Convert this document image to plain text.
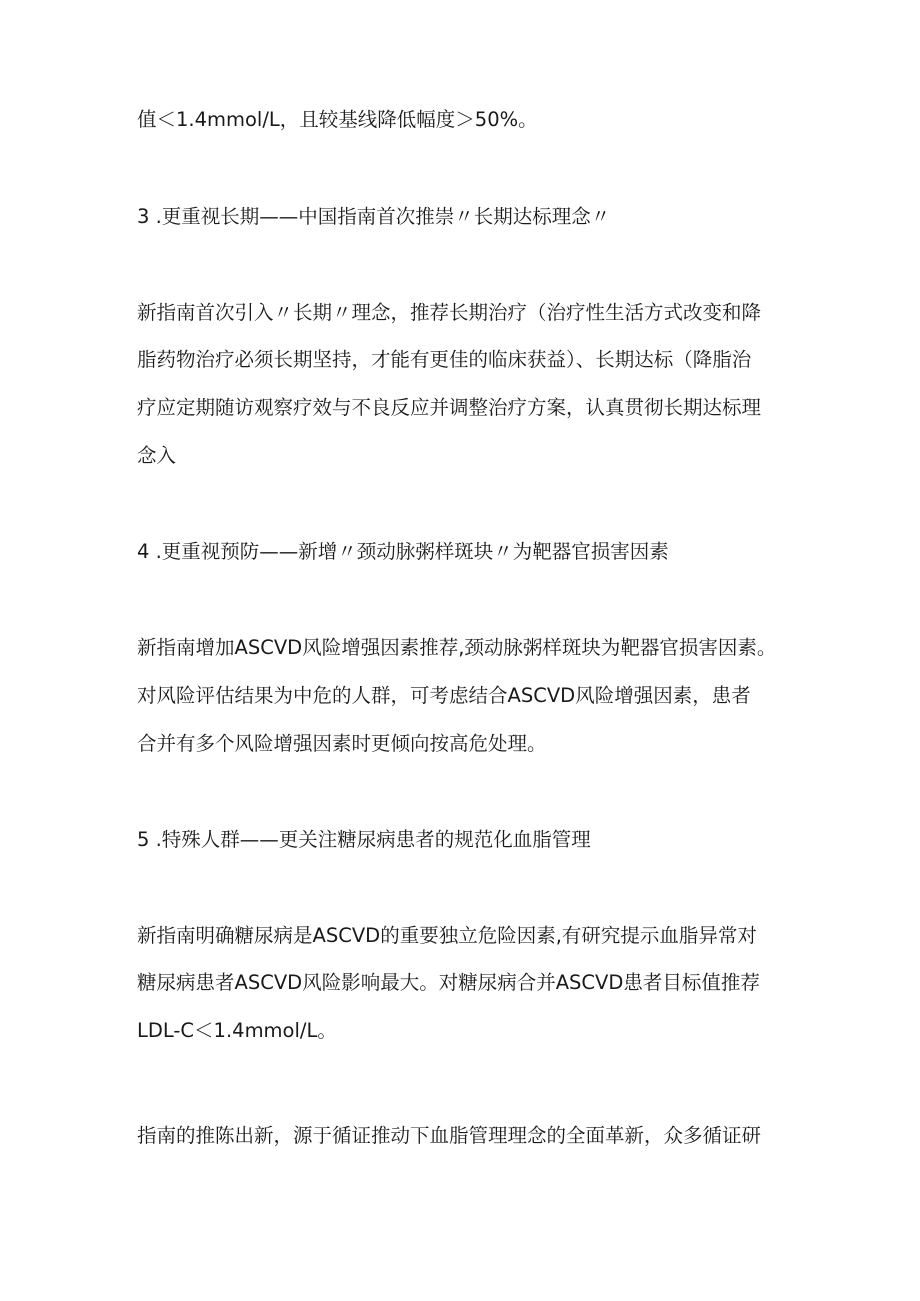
值＜1.4mmol/L，且较基线降低幅度＞50%。
3 .更重视长期——中国指南首次推崇〃长期达标理念〃
新指南首次引入〃长期〃理念，推荐长期治疗（治疗性生活方式改变和降
脂药物治疗必须长期坚持，才能有更佳的临床获益）、长期达标（降脂治
疗应定期随访观察疗效与不良反应并调整治疗方案，认真贯彻长期达标理
念入
4 .更重视预防——新增〃颈动脉粥样斑块〃为靶器官损害因素
新指南增加ASCVD风险增强因素推荐,颈动脉粥样斑块为靶器官损害因素。
对风险评估结果为中危的人群，可考虑结合ASCVD风险增强因素，患者
合并有多个风险增强因素时更倾向按高危处理。
5 .特殊人群——更关注糖尿病患者的规范化血脂管理
新指南明确糖尿病是ASCVD的重要独立危险因素,有研究提示血脂异常对
糖尿病患者ASCVD风险影响最大。对糖尿病合并ASCVD患者目标值推荐
LDL-C＜1.4mmol/L。
指南的推陈出新，源于循证推动下血脂管理理念的全面革新，众多循证研
